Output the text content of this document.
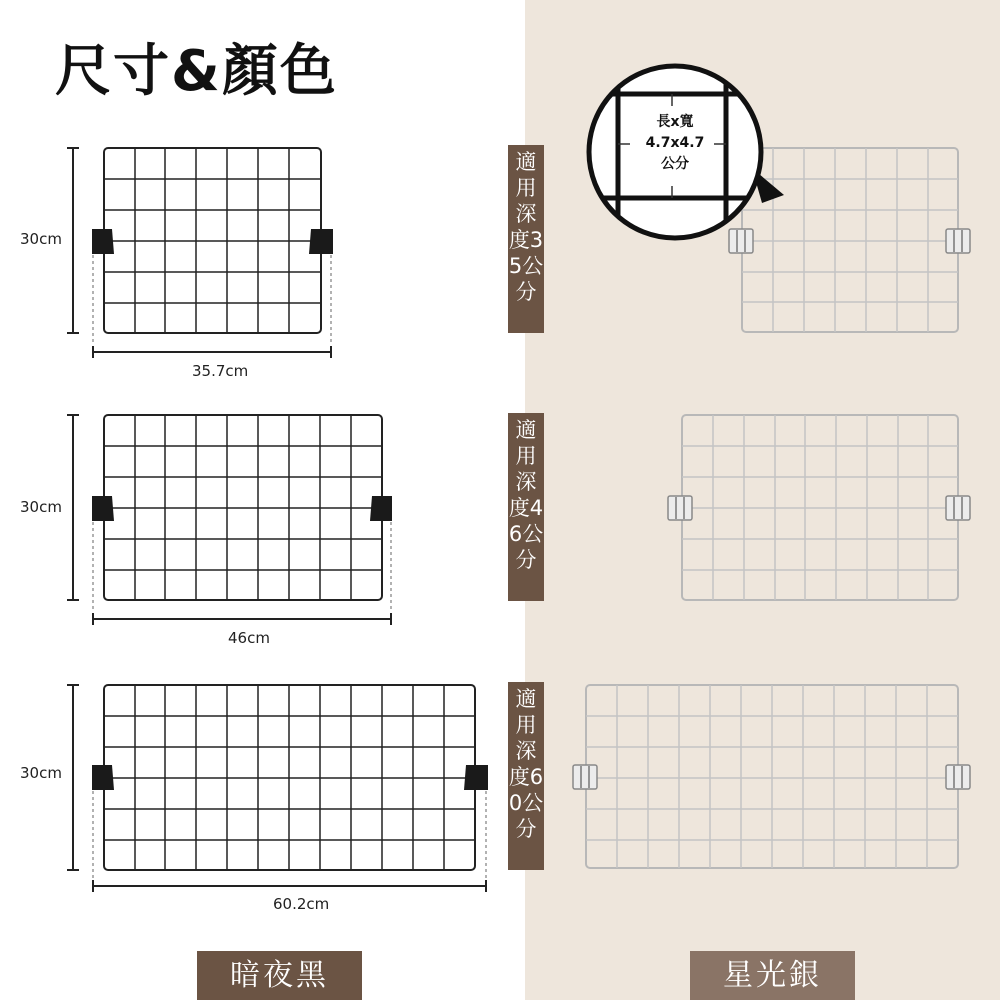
尺寸&顏色
長x寬
4.7x4.7
公分
30cm
35.7cm
適用深度35公分
30cm
46cm
適用深度46公分
30cm
60.2cm
適用深度60公分
暗夜黑	星光銀
